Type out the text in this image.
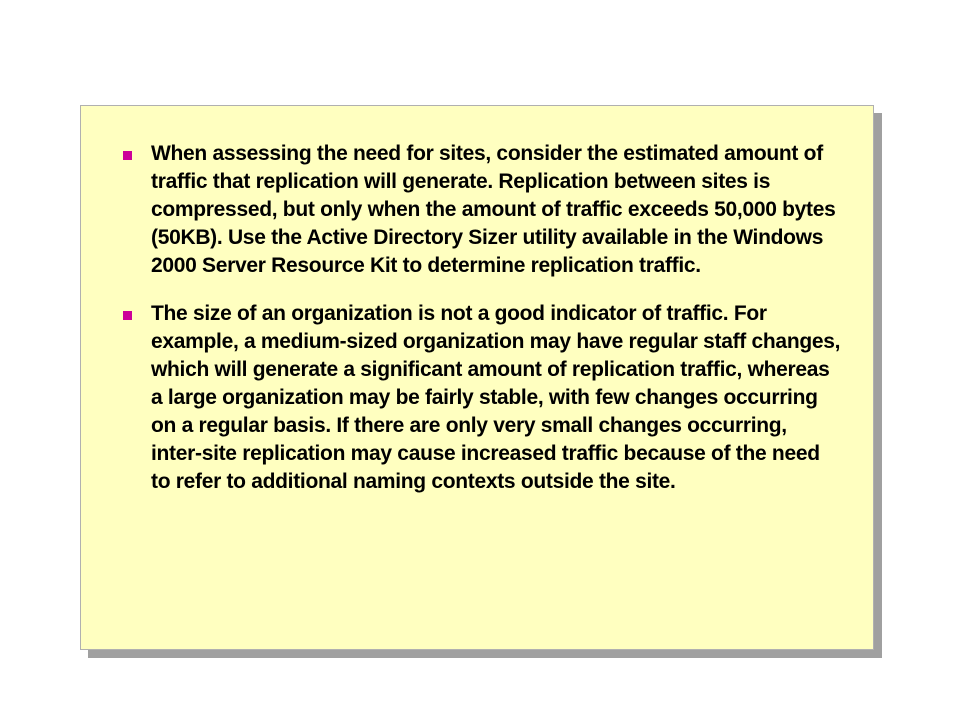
When assessing the need for sites, consider the estimated amount of traffic that replication will generate. Replication between sites is compressed, but only when the amount of traffic exceeds 50,000 bytes (50KB). Use the Active Directory Sizer utility available in the Windows 2000 Server Resource Kit to determine replication traffic.
The size of an organization is not a good indicator of traffic. For example, a medium-sized organization may have regular staff changes, which will generate a significant amount of replication traffic, whereas a large organization may be fairly stable, with few changes occurring on a regular basis. If there are only very small changes occurring, inter-site replication may cause increased traffic because of the need to refer to additional naming contexts outside the site.
